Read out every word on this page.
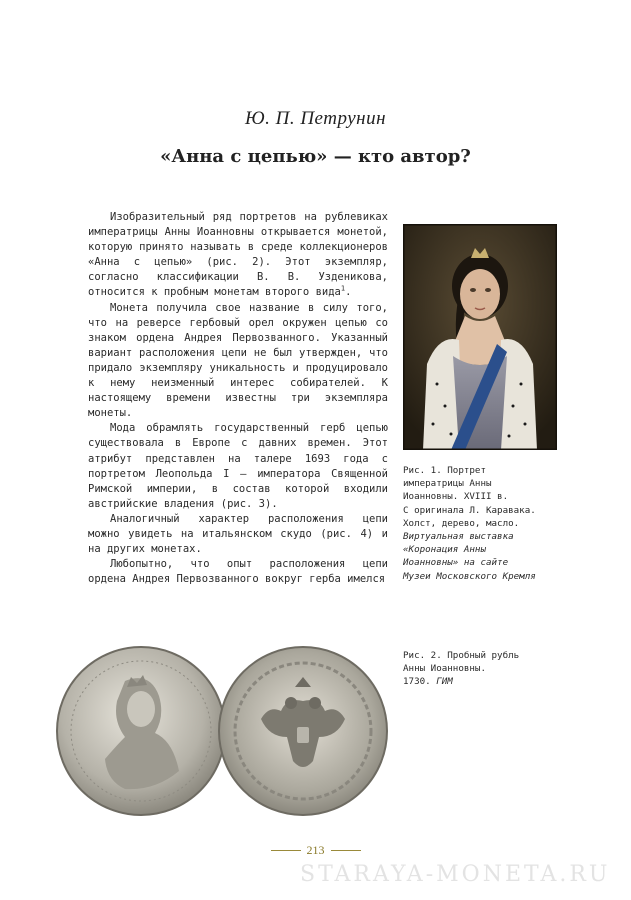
Ю. П. Петрунин
«Анна с цепью» — кто автор?

Изобразительный ряд портретов на рублевиках императрицы Анны Иоанновны открывается монетой, которую принято называть в среде коллекционеров «Анна с цепью» (рис. 2). Этот экземпляр, согласно классификации В. В. Узденикова, относится к пробным монетам второго вида$^1$.

Монета получила свое название в силу того, что на реверсе гербовый орел окружен цепью со знаком ордена Андрея Первозванного. Указанный вариант расположения цепи не был утвержден, что придало экземпляру уникальность и продуцировало к нему неизменный интерес собирателей. К настоящему времени известны три экземпляра монеты.

Мода обрамлять государственный герб цепью существовала в Европе с давних времен. Этот атрибут представлен на талере 1693 года с портретом Леопольда I — императора Священной Римской империи, в состав которой входили австрийские владения (рис. 3).

Аналогичный характер расположения цепи можно увидеть на итальянском скудо (рис. 4) и на других монетах.

Любопытно, что опыт расположения цепи ордена Андрея Первозванного вокруг герба имелся

Рис. 1. Портрет
императрицы Анны
Иоанновны. XVIII в.
С оригинала Л. Каравака.
Холст, дерево, масло.
Виртуальная выставка
«Коронация Анны
Иоанновны» на сайте
Музеи Московского Кремля
Рис. 2. Пробный рубль
Анны Иоанновны.
1730. ГИМ
213
STARAYA-MONETA.RU
